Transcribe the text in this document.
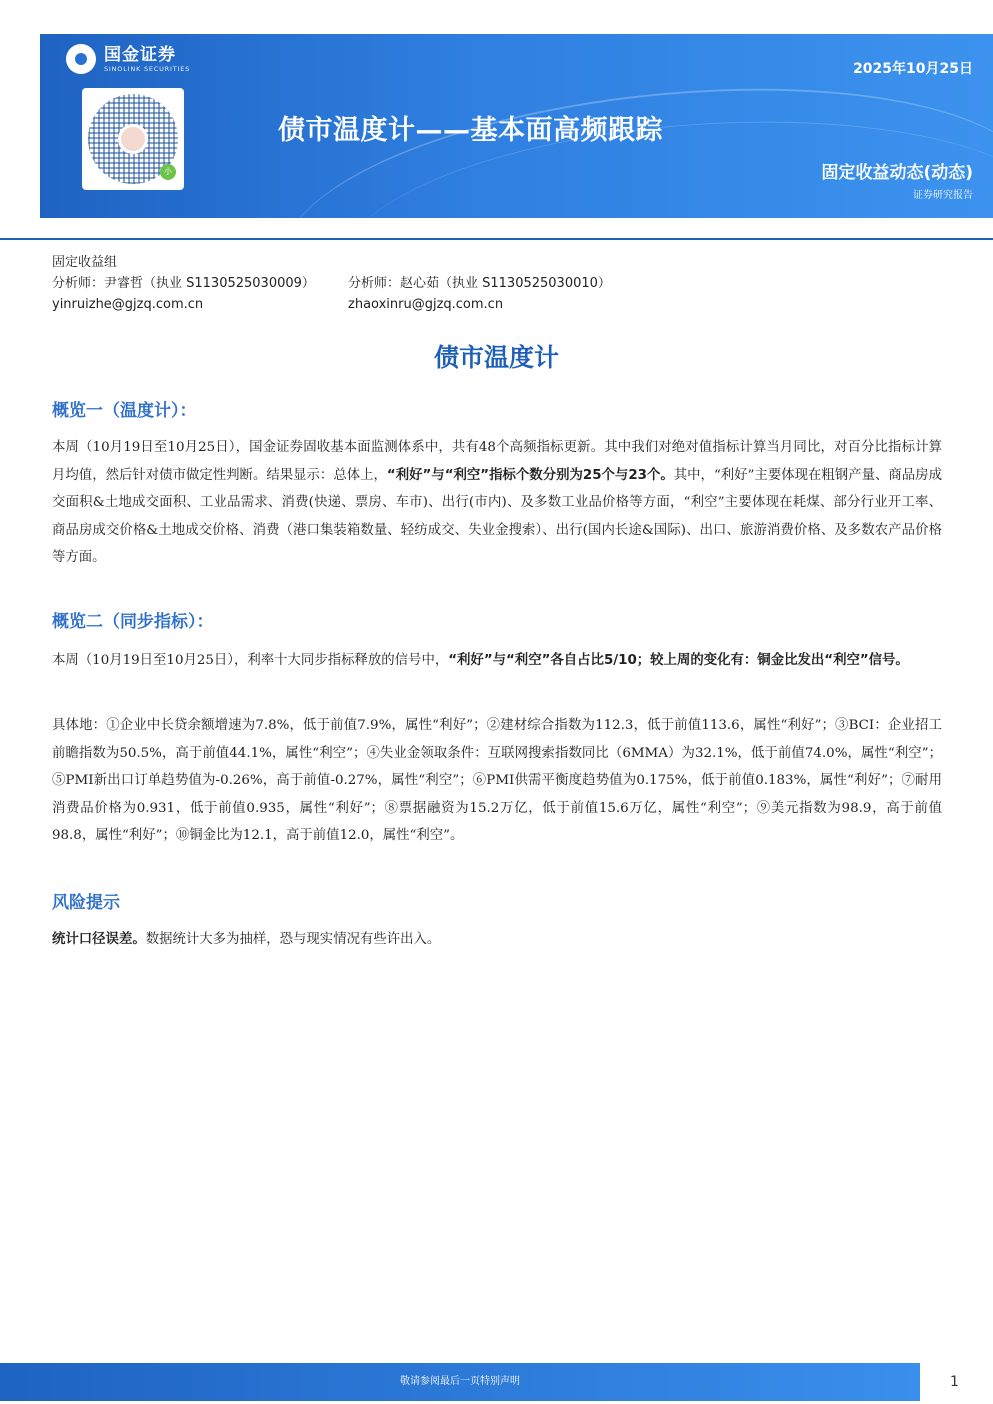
国金证券
SINOLINK SECURITIES
小
2025年10月25日
债市温度计——基本面高频跟踪
固定收益动态(动态)
证券研究报告
固定收益组
分析师：尹睿哲（执业 S1130525030009）	分析师：赵心茹（执业 S1130525030010）
yinruizhe@gjzq.com.cn	zhaoxinru@gjzq.com.cn
债市温度计
概览一（温度计）：
本周（10月19日至10月25日），国金证券固收基本面监测体系中，共有48个高频指标更新。其中我们对绝对值指标计算当月同比，对百分比指标计算月均值，然后针对债市做定性判断。结果显示：总体上，“利好”与“利空”指标个数分别为25个与23个。其中，“利好”主要体现在粗钢产量、商品房成交面积&土地成交面积、工业品需求、消费(快递、票房、车市)、出行(市内)、及多数工业品价格等方面，“利空”主要体现在耗煤、部分行业开工率、商品房成交价格&土地成交价格、消费（港口集装箱数量、轻纺成交、失业金搜索）、出行(国内长途&国际)、出口、旅游消费价格、及多数农产品价格等方面。
概览二（同步指标）：
本周（10月19日至10月25日），利率十大同步指标释放的信号中，“利好”与“利空”各自占比5/10；较上周的变化有：铜金比发出“利空”信号。
具体地：①企业中长贷余额增速为7.8%，低于前值7.9%，属性“利好”；②建材综合指数为112.3，低于前值113.6，属性“利好”；③BCI：企业招工前瞻指数为50.5%，高于前值44.1%，属性“利空”；④失业金领取条件：互联网搜索指数同比（6MMA）为32.1%，低于前值74.0%，属性“利空”；⑤PMI新出口订单趋势值为-0.26%，高于前值-0.27%，属性“利空”；⑥PMI供需平衡度趋势值为0.175%，低于前值0.183%，属性“利好”；⑦耐用消费品价格为0.931，低于前值0.935，属性“利好”；⑧票据融资为15.2万亿，低于前值15.6万亿，属性“利空”；⑨美元指数为98.9，高于前值98.8，属性“利好”；⑩铜金比为12.1，高于前值12.0，属性“利空”。
风险提示
统计口径误差。数据统计大多为抽样，恐与现实情况有些许出入。
敬请参阅最后一页特别声明	1
